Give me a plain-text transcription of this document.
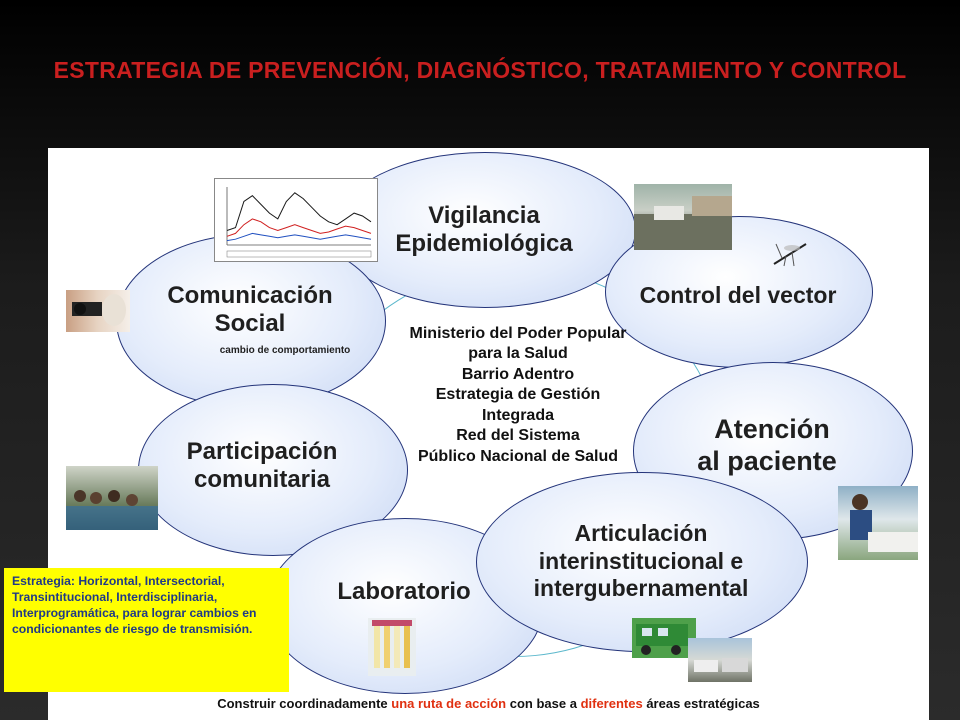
ESTRATEGIA DE PREVENCIÓN, DIAGNÓSTICO, TRATAMIENTO Y CONTROL
Vigilancia
Epidemiológica
Control del vector
Comunicación
Social
cambio de comportamiento
Atención
al paciente
Participación
comunitaria
Laboratorio
Articulación
interinstitucional e
intergubernamental
Ministerio del Poder Popular
para la Salud
Barrio Adentro
Estrategia de Gestión
Integrada
Red del Sistema
Público Nacional de Salud
Estrategia: Horizontal, Intersectorial, Transintitucional, Interdisciplinaria, Interprogramática, para lograr cambios en condicionantes de riesgo de transmisión.
Construir coordinadamente una ruta de acción con base a diferentes áreas estratégicas
